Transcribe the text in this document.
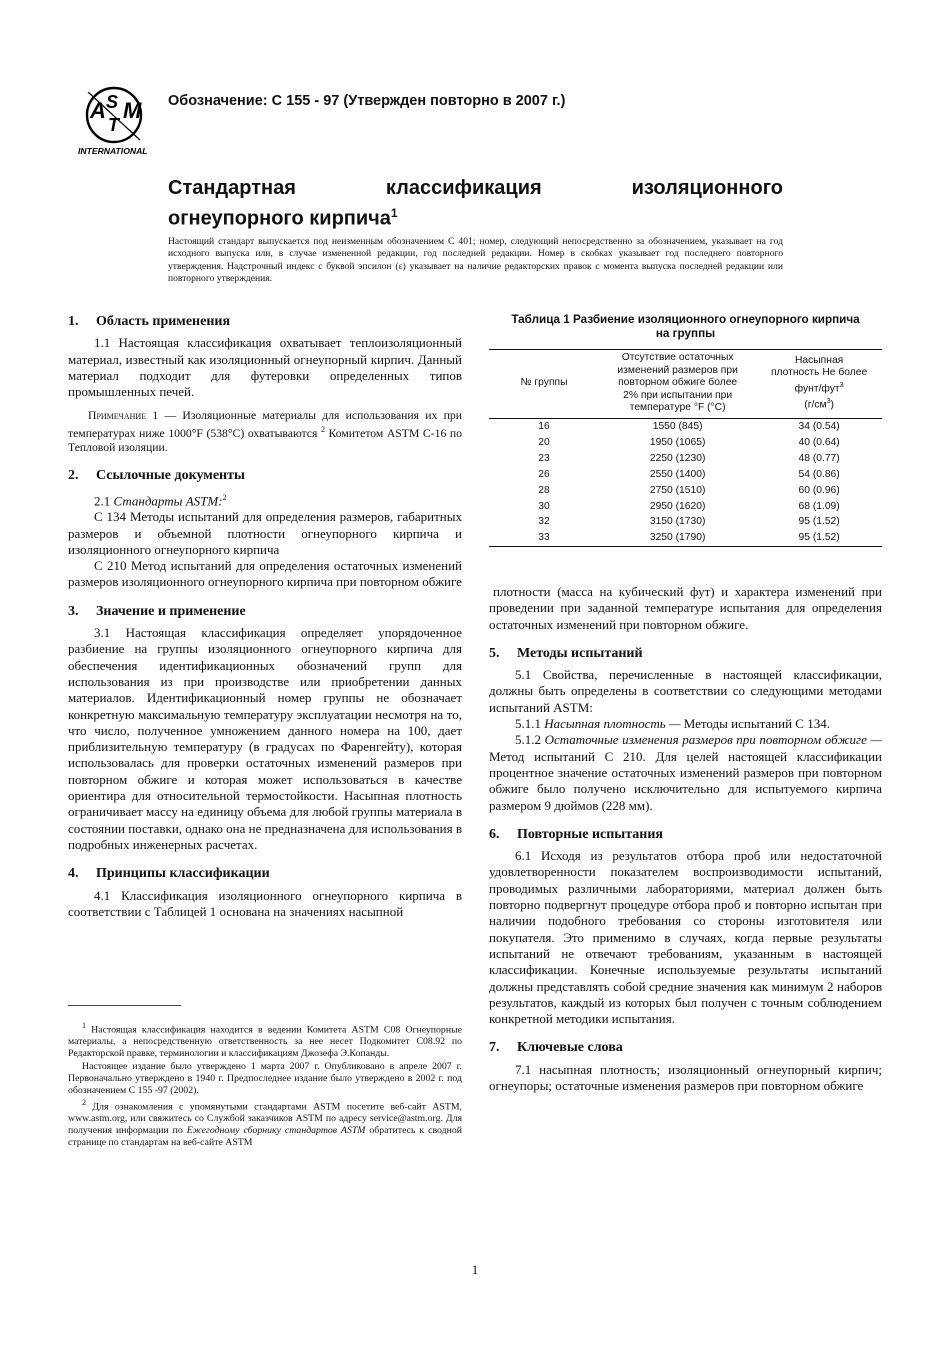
A S
T
M
INTERNATIONAL
Обозначение: C 155 - 97 (Утвержден повторно в 2007 г.)
Стандартная	классификация	изоляционного
огнеупорного кирпича$^1$
Настоящий стандарт выпускается под неизменным обозначением С 401; номер, следующий непосредственно за обозначением, указывает на год исходного выпуска или, в случае измененной редакции, год последней редакции. Номер в скобках указывает год последнего повторного утверждения. Надстрочный индекс с буквой эпсилон (ε) указывает на наличие редакторских правок с момента выпуска последней редакции или повторного утверждения.
1. Область применения

1.1 Настоящая классификация охватывает теплоизоляционный материал, известный как изоляционный огнеупорный кирпич. Данный материал подходит для футеровки определенных типов промышленных печей.

Примечание 1 — Изоляционные материалы для использования их при температурах ниже 1000°F (538°C) охватываются $^2$ Комитетом ASTM C-16 по Тепловой изоляции.

2. Ссылочные документы

2.1 Стандарты ASTM:$^2$

C 134 Методы испытаний для определения размеров, габаритных размеров и объемной плотности огнеупорного кирпича и изоляционного огнеупорного кирпича

C 210 Метод испытаний для определения остаточных изменений размеров изоляционного огнеупорного кирпича при повторном обжиге

3. Значение и применение

3.1 Настоящая классификация определяет упорядоченное разбиение на группы изоляционного огнеупорного кирпича для обеспечения идентификационных обозначений групп для использования из при производстве или приобретении данных материалов. Идентификационный номер группы не обозначает конкретную максимальную температуру эксплуатации несмотря на то, что число, полученное умножением данного номера на 100, дает приблизительную температуру (в градусах по Фаренгейту), которая использовалась для проверки остаточных изменений размеров при повторном обжиге и которая может использоваться в качестве ориентира для относительной термостойкости. Насыпная плотность ограничивает массу на единицу объема для любой группы материала в состоянии поставки, однако она не предназначена для использования в подробных инженерных расчетах.

4. Принципы классификации

4.1 Классификация изоляционного огнеупорного кирпича в соответствии с Таблицей 1 основана на значениях насыпной

$^1$ Настоящая классификация находится в ведении Комитета ASTM C08 Огнеупорные материалы, а непосредственную ответственность за нее несет Подкомитет C08.92 по Редакторской правке, терминологии и классификациям Джозефа Э.Копанды.

Настоящее издание было утверждено 1 марта 2007 г. Опубликовано в апреле 2007 г. Первоначально утверждено в 1940 г. Предпоследнее издание было утверждено в 2002 г. под обозначением C 155 -97 (2002).

$^2$ Для ознакомления с упомянутыми стандартами ASTM посетите веб-сайт ASTM, www.astm.org, или свяжитесь со Службой заказчиков ASTM по адресу service@astm.org. Для получения информации по Ежегодному сборнику стандартов ASTM обратитесь к сводной странице по стандартам на веб-сайте ASTM

Таблица 1 Разбиение изоляционного огнеупорного кирпича
на группы
№ группы	Отсутствие остаточных изменений размеров при повторном обжиге более 2% при испытании при температуре °F (°C)	Насыпная плотность Не более фунт/фут$^3$
$(г/см^3)$
16	1550 (845)	34 (0.54)
20	1950 (1065)	40 (0.64)
23	2250 (1230)	48 (0.77)
26	2550 (1400)	54 (0.86)
28	2750 (1510)	60 (0.96)
30	2950 (1620)	68 (1.09)
32	3150 (1730)	95 (1.52)
33	3250 (1790)	95 (1.52)

плотности (масса на кубический фут) и характера изменений при проведении при заданной температуре испытания для определения остаточных изменений при повторном обжиге.

5. Методы испытаний

5.1 Свойства, перечисленные в настоящей классификации, должны быть определены в соответствии со следующими методами испытаний ASTM:

5.1.1 Насыпная плотность — Методы испытаний C 134.

5.1.2 Остаточные изменения размеров при повторном обжиге — Метод испытаний C 210. Для целей настоящей классификации процентное значение остаточных изменений размеров при повторном обжиге было получено исключительно для испытуемого кирпича размером 9 дюймов (228 мм).

6. Повторные испытания

6.1 Исходя из результатов отбора проб или недостаточной удовлетворенности показателем воспроизводимости испытаний, проводимых различными лабораториями, материал должен быть повторно подвергнут процедуре отбора проб и повторно испытан при наличии подобного требования со стороны изготовителя или покупателя. Это применимо в случаях, когда первые результаты испытаний не отвечают требованиям, указанным в настоящей классификации. Конечные используемые результаты испытаний должны представлять собой средние значения как минимум 2 наборов результатов, каждый из которых был получен с точным соблюдением конкретной методики испытания.

7. Ключевые слова

7.1 насыпная плотность; изоляционный огнеупорный кирпич; огнеупоры; остаточные изменения размеров при повторном обжиге

1
